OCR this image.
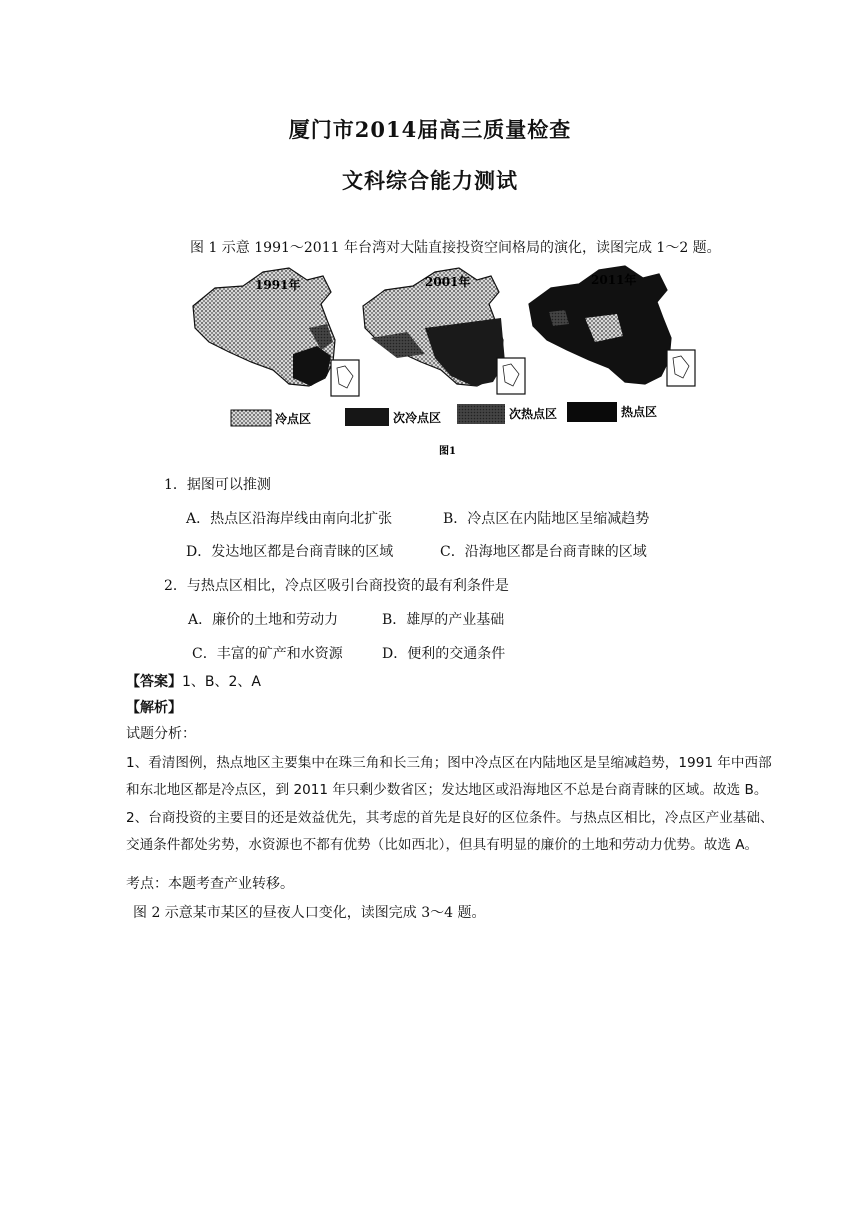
厦门市2014届高三质量检查
文科综合能力测试
图 1 示意 1991～2011 年台湾对大陆直接投资空间格局的演化，读图完成 1～2 题。
1991年	2001年	2011年
冷点区	次冷点区	次热点区	热点区
图1
1．据图可以推测
A．热点区沿海岸线由南向北扩张	B．冷点区在内陆地区呈缩减趋势
D．发达地区都是台商青睐的区域	C．沿海地区都是台商青睐的区域
2．与热点区相比，冷点区吸引台商投资的最有利条件是
A．廉价的土地和劳动力	B．雄厚的产业基础
C．丰富的矿产和水资源	D．便利的交通条件
【答案】1、B、2、A
【解析】
试题分析：
1、看清图例，热点地区主要集中在珠三角和长三角；图中冷点区在内陆地区是呈缩减趋势，1991 年中西部
和东北地区都是冷点区，到 2011 年只剩少数省区；发达地区或沿海地区不总是台商青睐的区域。故选 B。
2、台商投资的主要目的还是效益优先，其考虑的首先是良好的区位条件。与热点区相比，冷点区产业基础、
交通条件都处劣势，水资源也不都有优势（比如西北），但具有明显的廉价的土地和劳动力优势。故选 A。
考点：本题考查产业转移。
图 2 示意某市某区的昼夜人口变化，读图完成 3～4 题。
